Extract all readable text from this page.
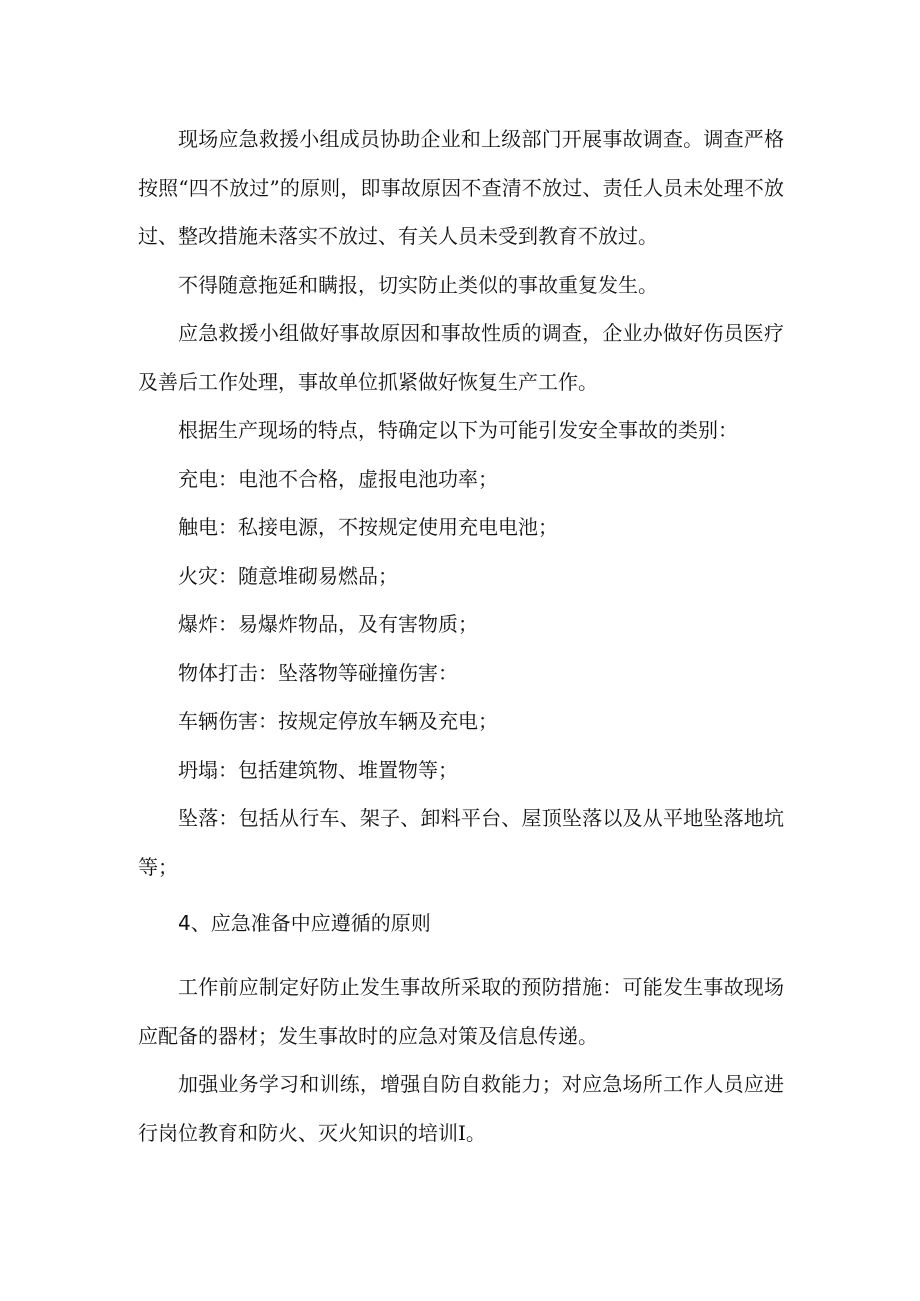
现场应急救援小组成员协助企业和上级部门开展事故调查。调查严格按照“四不放过”的原则，即事故原因不查清不放过、责任人员未处理不放过、整改措施未落实不放过、有关人员未受到教育不放过。

不得随意拖延和瞒报，切实防止类似的事故重复发生。

应急救援小组做好事故原因和事故性质的调查，企业办做好伤员医疗及善后工作处理，事故单位抓紧做好恢复生产工作。

根据生产现场的特点，特确定以下为可能引发安全事故的类别：

充电：电池不合格，虚报电池功率；

触电：私接电源，不按规定使用充电电池；

火灾：随意堆砌易燃品；

爆炸：易爆炸物品，及有害物质；

物体打击：坠落物等碰撞伤害：

车辆伤害：按规定停放车辆及充电；

坍塌：包括建筑物、堆置物等；

坠落：包括从行车、架子、卸料平台、屋顶坠落以及从平地坠落地坑等；

4、应急准备中应遵循的原则

工作前应制定好防止发生事故所采取的预防措施：可能发生事故现场应配备的器材；发生事故时的应急对策及信息传递。

加强业务学习和训练，增强自防自救能力；对应急场所工作人员应进行岗位教育和防火、灭火知识的培训I。
